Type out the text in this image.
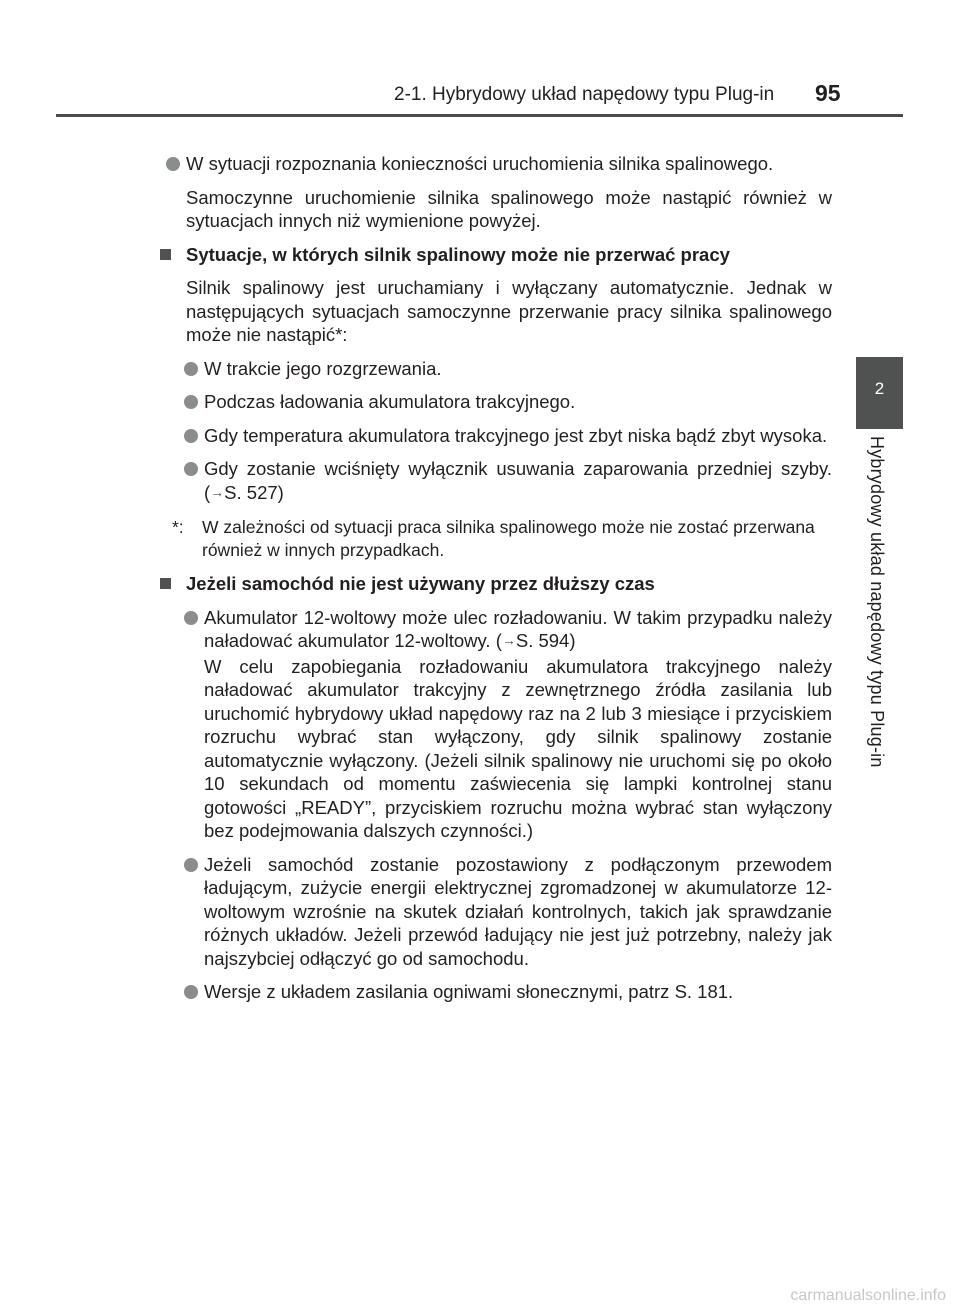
2-1. Hybrydowy układ napędowy typu Plug-in 95
2
Hybrydowy układ napędowy typu Plug-in
W sytuacji rozpoznania konieczności uruchomienia silnika spalinowego.
Samoczynne uruchomienie silnika spalinowego może nastąpić również w sytuacjach innych niż wymienione powyżej.
Sytuacje, w których silnik spalinowy może nie przerwać pracy
Silnik spalinowy jest uruchamiany i wyłączany automatycznie. Jednak w następujących sytuacjach samoczynne przerwanie pracy silnika spalinowego może nie nastąpić*:
W trakcie jego rozgrzewania.
Podczas ładowania akumulatora trakcyjnego.
Gdy temperatura akumulatora trakcyjnego jest zbyt niska bądź zbyt wysoka.
Gdy zostanie wciśnięty wyłącznik usuwania zaparowania przedniej szyby. (→S. 527)
*: W zależności od sytuacji praca silnika spalinowego może nie zostać przerwana również w innych przypadkach.
Jeżeli samochód nie jest używany przez dłuższy czas
Akumulator 12-woltowy może ulec rozładowaniu. W takim przypadku należy naładować akumulator 12-woltowy. (→S. 594)
W celu zapobiegania rozładowaniu akumulatora trakcyjnego należy naładować akumulator trakcyjny z zewnętrznego źródła zasilania lub uruchomić hybrydowy układ napędowy raz na 2 lub 3 miesiące i przyciskiem rozruchu wybrać stan wyłączony, gdy silnik spalinowy zostanie automatycznie wyłączony. (Jeżeli silnik spalinowy nie uruchomi się po około 10 sekundach od momentu zaświecenia się lampki kontrolnej stanu gotowości „READY”, przyciskiem rozruchu można wybrać stan wyłączony bez podejmowania dalszych czynności.)
Jeżeli samochód zostanie pozostawiony z podłączonym przewodem ładującym, zużycie energii elektrycznej zgromadzonej w akumulatorze 12-woltowym wzrośnie na skutek działań kontrolnych, takich jak sprawdzanie różnych układów. Jeżeli przewód ładujący nie jest już potrzebny, należy jak najszybciej odłączyć go od samochodu.
Wersje z układem zasilania ogniwami słonecznymi, patrz S. 181.
carmanualsonline.info
